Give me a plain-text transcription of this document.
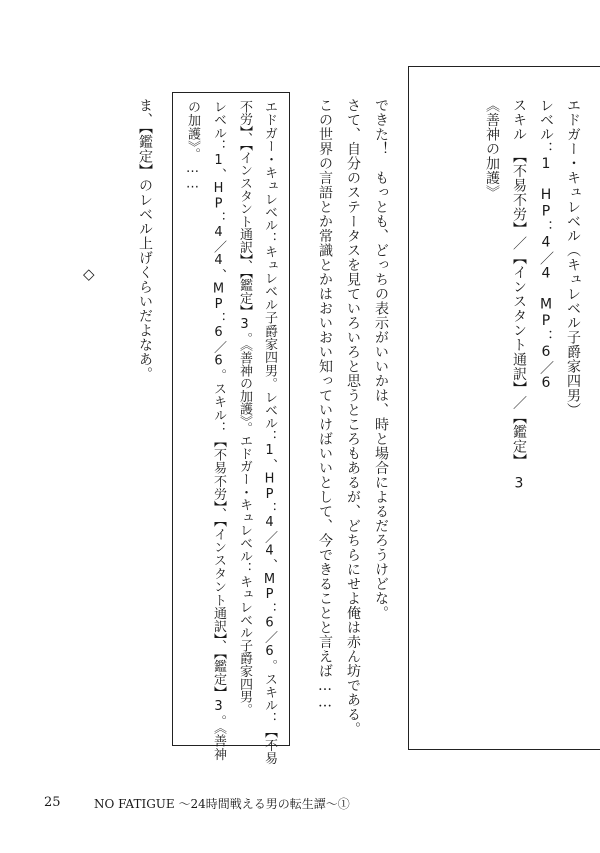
エドガー・キュレベル（キュレベル子爵家四男）
レベル：1　HP：4／4　MP：6／6
スキル　【不易不労】／【インスタント通訳】／【鑑定】　3
《善神の加護》
できた！　もっとも、どっちの表示がいいかは、時と場合によるだろうけどな。
さて、自分のステータスを見ていろいろと思うところもあるが、どちらにせよ俺は赤ん坊である。
この世界の言語とか常識とかはおいおい知っていけばいいとして、今できることと言えば……
エドガー・キュレベル：キュレベル子爵家四男。レベル：1、HP：4／4、MP：6／6。スキル：【不易
不労】、【インスタント通訳】、【鑑定】3。《善神の加護》。エドガー・キュレベル：キュレベル子爵家四男。
レベル：1、HP：4／4、MP：6／6。スキル：【不易不労】、【インスタント通訳】、【鑑定】3。《善神
の加護》。……
ま、【鑑定】のレベル上げくらいだよなあ。
◇
25	NO FATIGUE ～24時間戦える男の転生譚～①
